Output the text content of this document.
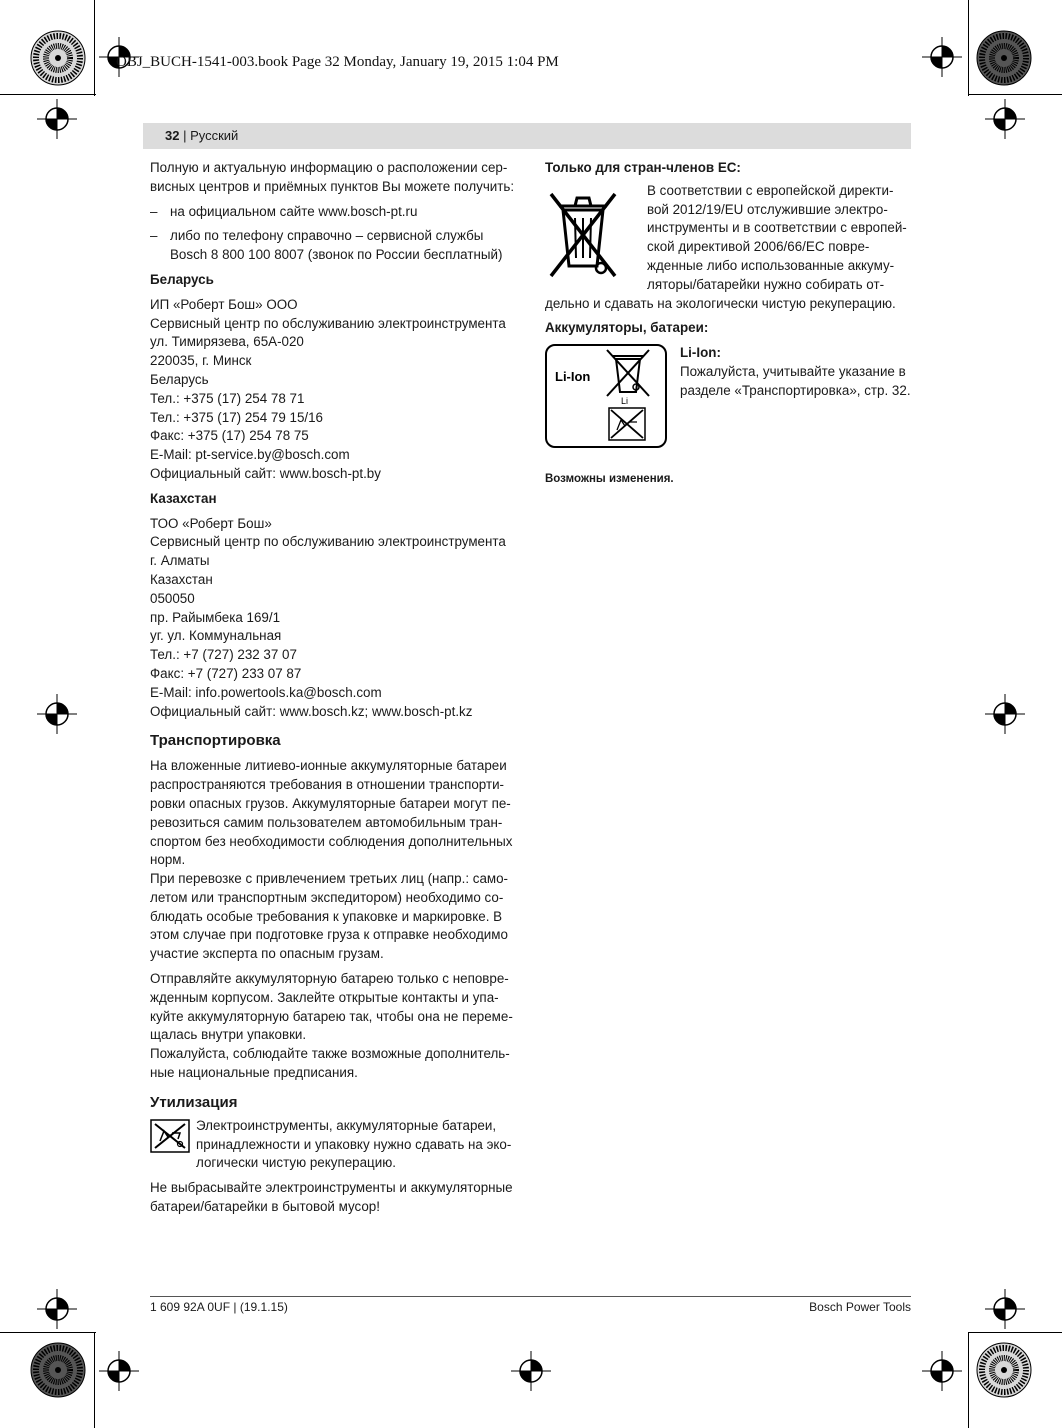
OBJ_BUCH-1541-003.book Page 32 Monday, January 19, 2015 1:04 PM
32 | Русский

Полную и актуальную информацию о расположении сер-висных центров и приёмных пунктов Вы можете получить:

– на официальном сайте www.bosch-pt.ru
– либо по телефону справочно – сервисной службы Bosch 8 800 100 8007 (звонок по России бесплатный)

Беларусь

ИП «Роберт Бош» ООО

Сервисный центр по обслуживанию электроинструмента

ул. Тимирязева, 65А-020

220035, г. Минск

Беларусь

Тел.: +375 (17) 254 78 71

Тел.: +375 (17) 254 79 15/16

Факс: +375 (17) 254 78 75

E-Mail: pt-service.by@bosch.com

Официальный сайт: www.bosch-pt.by

Казахстан

ТОО «Роберт Бош»

Сервисный центр по обслуживанию электроинструмента

г. Алматы

Казахстан

050050

пр. Райымбека 169/1

уг. ул. Коммунальная

Тел.: +7 (727) 232 37 07

Факс: +7 (727) 233 07 87

E-Mail: info.powertools.ka@bosch.com

Официальный сайт: www.bosch.kz; www.bosch-pt.kz

Транспортировка

На вложенные литиево-ионные аккумуляторные батареи распространяются требования в отношении транспорти-ровки опасных грузов. Аккумуляторные батареи могут пе-ревозиться самим пользователем автомобильным тран-спортом без необходимости соблюдения дополнительных норм.

При перевозке с привлечением третьих лиц (напр.: само-летом или транспортным экспедитором) необходимо со-блюдать особые требования к упаковке и маркировке. В этом случае при подготовке груза к отправке необходимо участие эксперта по опасным грузам.

Отправляйте аккумуляторную батарею только с неповре-жденным корпусом. Заклейте открытые контакты и упа-куйте аккумуляторную батарею так, чтобы она не переме-щалась внутри упаковки.

Пожалуйста, соблюдайте также возможные дополнитель-ные национальные предписания.

Утилизация

Электроинструменты, аккумуляторные батареи, принадлежности и упаковку нужно сдавать на эко-логически чистую рекуперацию.

Не выбрасывайте электроинструменты и аккумуляторные батареи/батарейки в бытовой мусор!

Только для стран-членов ЕС:

В соответствии с европейской директи-вой 2012/19/EU отслужившие электро-инструменты и в соответствии с европей-ской директивой 2006/66/EC повре-жденные либо использованные аккуму-ляторы/батарейки нужно собирать от-дельно и сдавать на экологически чистую рекуперацию.

Аккумуляторы, батареи:

Li-Ion
Li

Li-Ion:

Пожалуйста, учитывайте указание в разделе «Транспортировка», стр. 32.

Возможны изменения.

1 609 92A 0UF | (19.1.15)	Bosch Power Tools
